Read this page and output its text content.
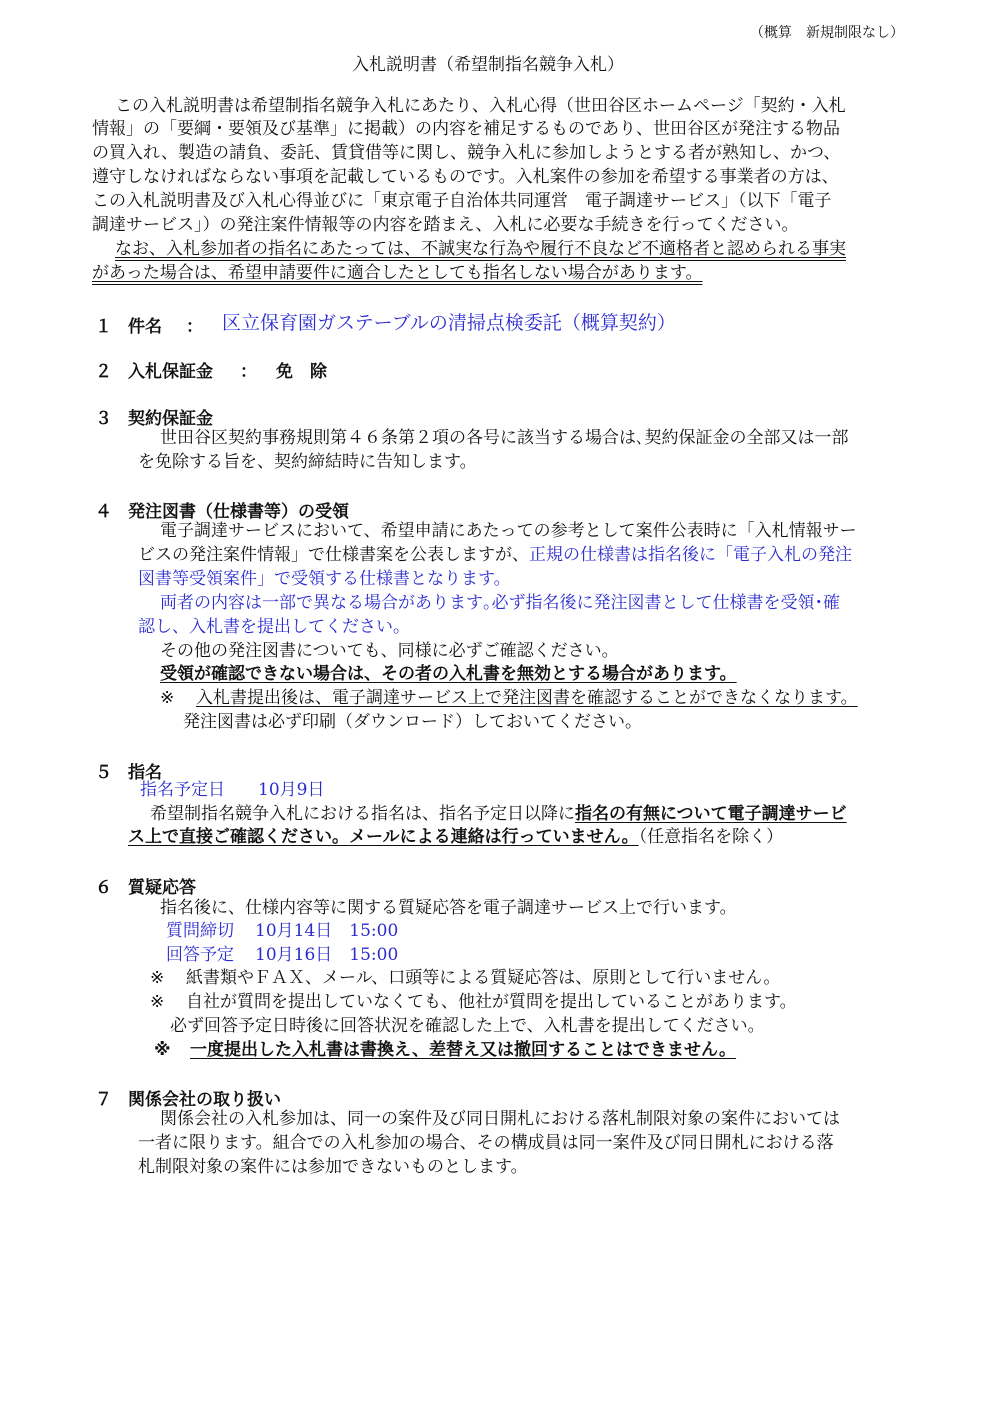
（概算　新規制限なし）
入札説明書（希望制指名競争入札）
この入札説明書は希望制指名競争入札にあたり、入札心得（世田谷区ホームページ「契約・入札
情報」の「要綱・要領及び基準」に掲載）の内容を補足するものであり、世田谷区が発注する物品
の買入れ、製造の請負、委託、賃貸借等に関し、競争入札に参加しようとする者が熟知し、かつ、
遵守しなければならない事項を記載しているものです。入札案件の参加を希望する事業者の方は、
この入札説明書及び入札心得並びに「東京電子自治体共同運営　電子調達サービス」（以下「電子
調達サービス」）の発注案件情報等の内容を踏まえ、入札に必要な手続きを行ってください。
なお、入札参加者の指名にあたっては、不誠実な行為や履行不良など不適格者と認められる事実
があった場合は、希望申請要件に適合したとしても指名しない場合があります。
１ 件名 ： 区立保育園ガステーブルの清掃点検委託（概算契約）
２ 入札保証金 ： 免　除
３ 契約保証金
世田谷区契約事務規則第４６条第２項の各号に該当する場合は､契約保証金の全部又は一部
を免除する旨を、契約締結時に告知します。
４ 発注図書（仕様書等）の受領
電子調達サービスにおいて、希望申請にあたっての参考として案件公表時に「入札情報サー
ビスの発注案件情報」で仕様書案を公表しますが、正規の仕様書は指名後に「電子入札の発注
図書等受領案件」で受領する仕様書となります。
両者の内容は一部で異なる場合があります｡必ず指名後に発注図書として仕様書を受領･確
認し、入札書を提出してください。
その他の発注図書についても、同様に必ずご確認ください。
受領が確認できない場合は、その者の入札書を無効とする場合があります。
※ 入札書提出後は、電子調達サービス上で発注図書を確認することができなくなります。
発注図書は必ず印刷（ダウンロード）しておいてください。
５ 指名
指名予定日 10月9日
希望制指名競争入札における指名は、指名予定日以降に指名の有無について電子調達サービ
ス上で直接ご確認ください。メールによる連絡は行っていません。（任意指名を除く）
６ 質疑応答
指名後に、仕様内容等に関する質疑応答を電子調達サービス上で行います。
質問締切 10月14日　15:00
回答予定 10月16日　15:00
※ 紙書類やＦＡＸ、メール、口頭等による質疑応答は、原則として行いません。
※ 自社が質問を提出していなくても、他社が質問を提出していることがあります。
必ず回答予定日時後に回答状況を確認した上で、入札書を提出してください。
※ 一度提出した入札書は書換え、差替え又は撤回することはできません。
７ 関係会社の取り扱い
関係会社の入札参加は、同一の案件及び同日開札における落札制限対象の案件においては
一者に限ります。組合での入札参加の場合、その構成員は同一案件及び同日開札における落
札制限対象の案件には参加できないものとします。
